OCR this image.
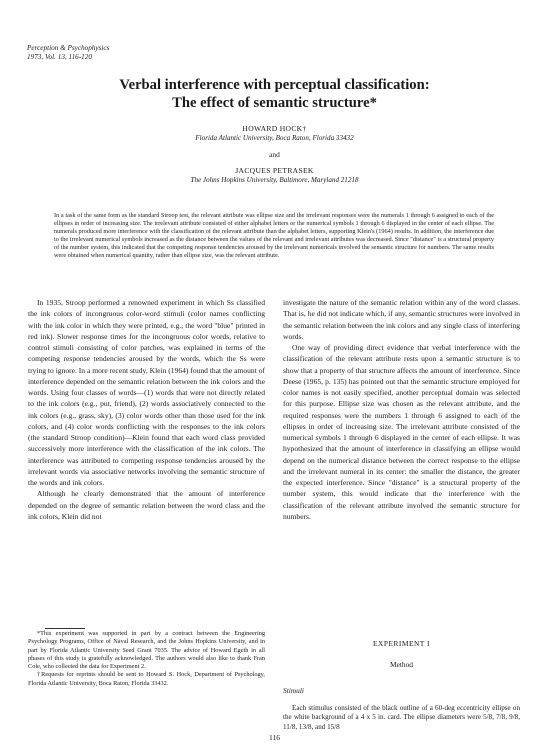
Perception & Psychophysics
1973, Vol. 13, 116-120
Verbal interference with perceptual classification:
The effect of semantic structure*
HOWARD HOCK†
Florida Atlantic University, Boca Raton, Florida 33432
and
JACQUES PETRASEK
The Johns Hopkins University, Baltimore, Maryland 21218
In a task of the same form as the standard Stroop test, the relevant attribute was ellipse size and the irrelevant responses were the numerals 1 through 6 assigned to each of the ellipses in order of increasing size. The irrelevant attribute consisted of either alphabet letters or the numerical symbols 1 through 6 displayed in the center of each ellipse. The numerals produced more interference with the classification of the relevant attribute than the alphabet letters, supporting Klein's (1964) results. In addition, the interference due to the irrelevant numerical symbols increased as the distance between the values of the relevant and irrelevant attributes was decreased. Since "distance" is a structural property of the number system, this indicated that the competing response tendencies aroused by the irrelevant numericals involved the semantic structure for numbers. The same results were obtained when numerical quantity, rather than ellipse size, was the relevant attribute.

In 1935, Stroop performed a renowned experiment in which Ss classified the ink colors of incongruous color-word stimuli (color names conflicting with the ink color in which they were printed, e.g., the word "blue" printed in red ink). Slower response times for the incongruous color words, relative to control stimuli consisting of color patches, was explained in terms of the competing response tendencies aroused by the words, which the Ss were trying to ignore. In a more recent study, Klein (1964) found that the amount of interference depended on the semantic relation between the ink colors and the words. Using four classes of words—(1) words that were not directly related to the ink colors (e.g., put, friend), (2) words associatively connected to the ink colors (e.g., grass, sky), (3) color words other than those used for the ink colors, and (4) color words conflicting with the responses to the ink colors (the standard Stroop condition)—Klein found that each word class provided successively more interference with the classification of the ink colors. The interference was attributed to competing response tendencies aroused by the irrelevant words via associative networks involving the semantic structure of the words and ink colors.

Although he clearly demonstrated that the amount of interference depended on the degree of semantic relation between the word class and the ink colors, Klein did not

*This experiment was supported in part by a contract between the Engineering Psychology Programs, Office of Naval Research, and the Johns Hopkins University, and in part by Florida Atlantic University Seed Grant 7035. The advice of Howard Egeth in all phases of this study is gratefully acknowledged. The authors would also like to thank Fran Cole, who collected the data for Experiment 2.

†Requests for reprints should be sent to Howard S. Hock, Department of Psychology, Florida Atlantic University, Boca Raton, Florida 33432.

investigate the nature of the semantic relation within any of the word classes. That is, he did not indicate which, if any, semantic structures were involved in the semantic relation between the ink colors and any single class of interfering words.

One way of providing direct evidence that verbal interference with the classification of the relevant attribute rests upon a semantic structure is to show that a property of that structure affects the amount of interference. Since Deese (1965, p. 135) has pointed out that the semantic structure employed for color names is not easily specified, another perceptual domain was selected for this purpose. Ellipse size was chosen as the relevant attribute, and the required responses were the numbers 1 through 6 assigned to each of the ellipses in order of increasing size. The irrelevant attribute consisted of the numerical symbols 1 through 6 displayed in the center of each ellipse. It was hypothesized that the amount of interference in classifying an ellipse would depend on the numerical distance between the correct response to the ellipse and the irrelevant numeral in its center: the smaller the distance, the greater the expected interference. Since "distance" is a structural property of the number system, this would indicate that the interference with the classification of the relevant attribute involved the semantic structure for numbers.

EXPERIMENT I
Method
Stimuli

Each stimulus consisted of the black outline of a 60-deg eccentricity ellipse on the white background of a 4 x 5 in. card. The ellipse diameters were 5/8, 7/8, 9/8, 11/8, 13/8, and 15/8

116
